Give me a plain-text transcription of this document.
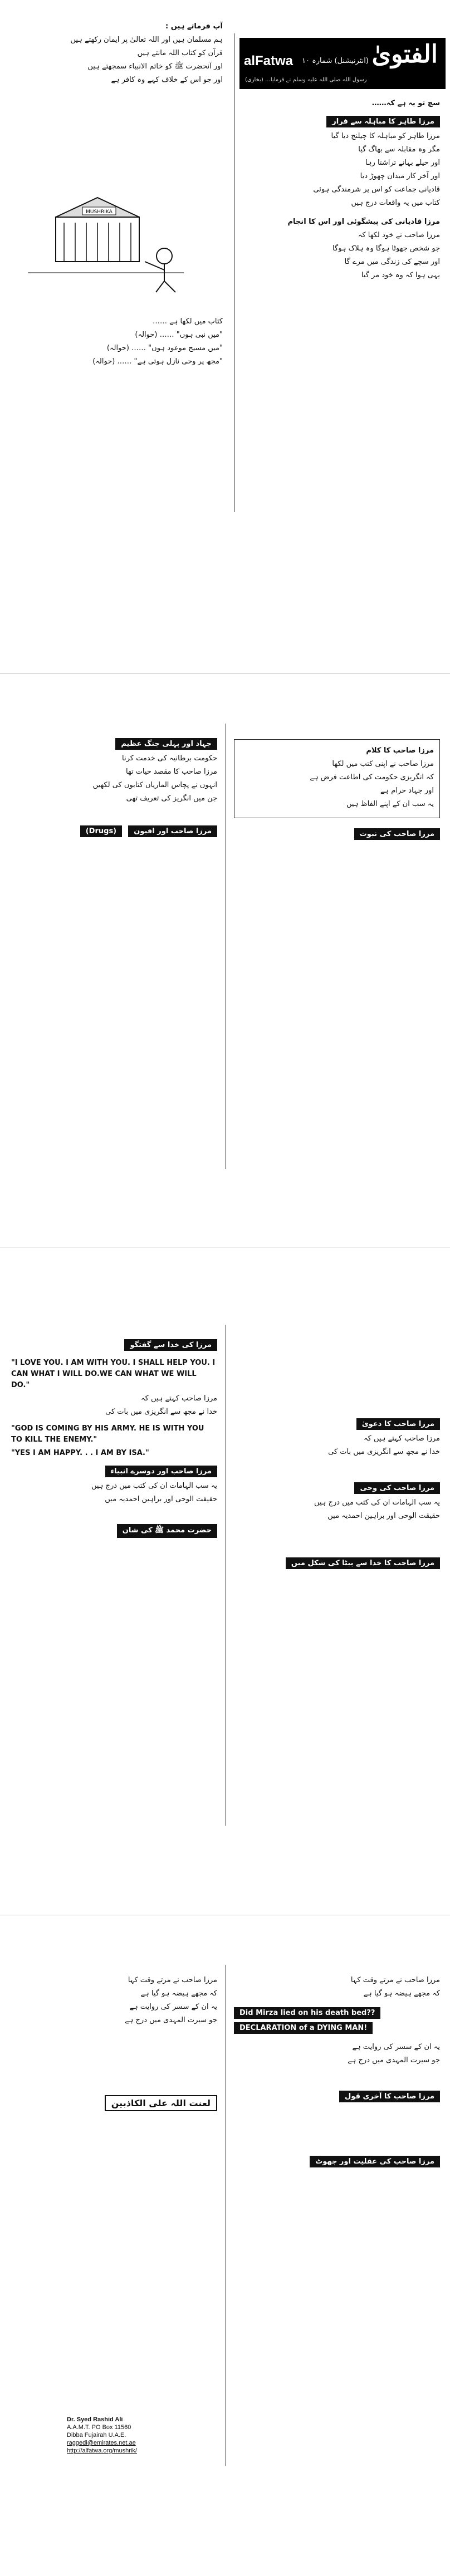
الفتویٰ
(انٹرنیشنل) شمارہ ۱۰
alFatwa
رسول اللہ صلی اللہ علیہ وسلم نے فرمایا… (بخاری)
سچ تو یہ ہے کہ……
مرزا طاہر کا مباہلہ سے فرار
مرزا طاہر کو مباہلہ کا چیلنج دیا گیا
مگر وہ مقابلہ سے بھاگ گیا
اور حیلے بہانے تراشتا رہا
اور آخر کار میدان چھوڑ دیا
قادیانی جماعت کو اس پر شرمندگی ہوئی
کتاب میں یہ واقعات درج ہیں
مرزا قادیانی کی پیشگوئی اور اس کا انجام
مرزا صاحب نے خود لکھا کہ
جو شخص جھوٹا ہوگا وہ ہلاک ہوگا
اور سچے کی زندگی میں مرے گا
یہی ہوا کہ وہ خود مر گیا
آپ فرماتے ہیں :
ہم مسلمان ہیں اور اللہ تعالیٰ پر ایمان رکھتے ہیں
قرآن کو کتاب اللہ مانتے ہیں
اور آنحضرت ﷺ کو خاتم الانبیاء سمجھتے ہیں
اور جو اس کے خلاف کہے وہ کافر ہے
MUSHRIKA
کتاب میں لکھا ہے ……
"میں نبی ہوں" …… (حوالہ)
"میں مسیح موعود ہوں" …… (حوالہ)
"مجھ پر وحی نازل ہوتی ہے" …… (حوالہ)
جہاد اور پہلی جنگ عظیم
حکومت برطانیہ کی خدمت کرنا
مرزا صاحب کا مقصد حیات تھا
انہوں نے پچاس الماریاں کتابوں کی لکھیں
جن میں انگریز کی تعریف تھی
مرزا صاحب اور افیون (Drugs)
مرزا صاحب کا کلام
مرزا صاحب نے اپنی کتب میں لکھا
کہ انگریزی حکومت کی اطاعت فرض ہے
اور جہاد حرام ہے
یہ سب ان کے اپنے الفاظ ہیں
مرزا صاحب کی نبوت
مرزا کی خدا سے گفتگو
"I LOVE YOU. I AM WITH YOU. I SHALL HELP YOU. I CAN WHAT I WILL DO.WE CAN WHAT WE WILL DO."
مرزا صاحب کہتے ہیں کہ
خدا نے مجھ سے انگریزی میں بات کی
"GOD IS COMING BY HIS ARMY. HE IS WITH YOU TO KILL THE ENEMY."
"YES I AM HAPPY. . . I AM BY ISA."
مرزا صاحب اور دوسرے انبیاء
یہ سب الہامات ان کی کتب میں درج ہیں
حقیقت الوحی اور براہین احمدیہ میں
حضرت محمد ﷺ کی شان
مرزا صاحب کا دعویٰ
مرزا صاحب کہتے ہیں کہ
خدا نے مجھ سے انگریزی میں بات کی
مرزا صاحب کی وحی
یہ سب الہامات ان کی کتب میں درج ہیں
حقیقت الوحی اور براہین احمدیہ میں
مرزا صاحب کا خدا سے بیٹا کی شکل میں
مرزا صاحب نے مرتے وقت کہا
کہ مجھے ہیضہ ہو گیا ہے
Did Mirza lied on his death bed??
DECLARATION of a DYING MAN!
یہ ان کے سسر کی روایت ہے
جو سیرت المہدی میں درج ہے
مرزا صاحب کا آخری قول مرزا صاحب کی عقلیت اور جھوٹ
مرزا صاحب نے مرتے وقت کہا
کہ مجھے ہیضہ ہو گیا ہے
یہ ان کے سسر کی روایت ہے
جو سیرت المہدی میں درج ہے
لعنت اللہ علی الکاذبین
Dr. Syed Rashid Ali
A.A.M.T. PO Box 11560
Dibba Fujairah U.A.E.
raggedi@emirates.net.ae
http://alfatwa.org/mushrik/
